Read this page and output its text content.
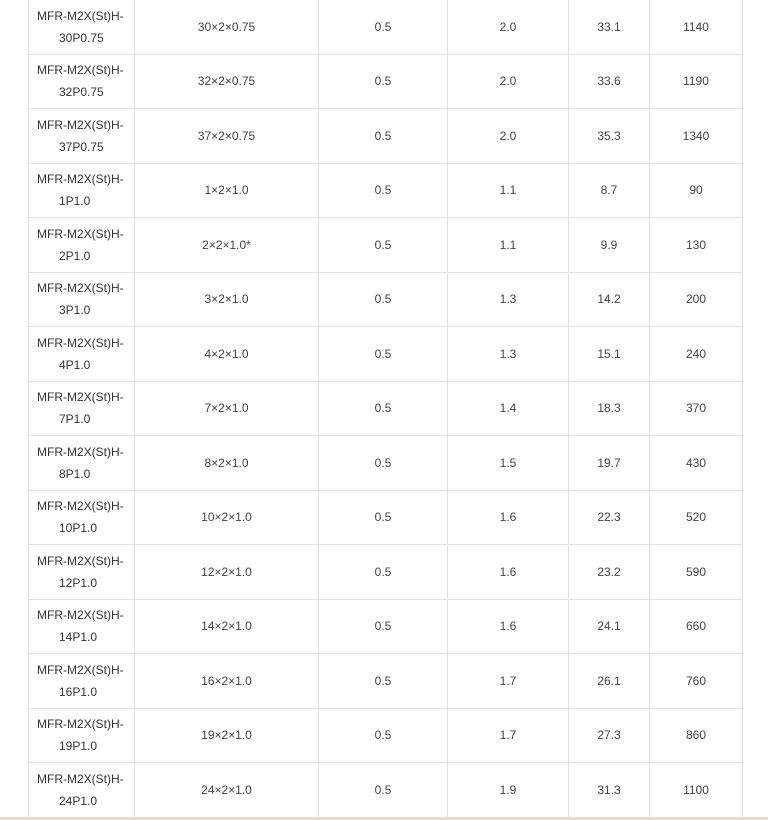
MFR-M2X(St)H-
30P0.75	30×2×0.75	0.5	2.0	33.1	1140

MFR-M2X(St)H-
32P0.75	32×2×0.75	0.5	2.0	33.6	1190

MFR-M2X(St)H-
37P0.75	37×2×0.75	0.5	2.0	35.3	1340

MFR-M2X(St)H-
1P1.0	1×2×1.0	0.5	1.1	8.7	90

MFR-M2X(St)H-
2P1.0	2×2×1.0*	0.5	1.1	9.9	130

MFR-M2X(St)H-
3P1.0	3×2×1.0	0.5	1.3	14.2	200

MFR-M2X(St)H-
4P1.0	4×2×1.0	0.5	1.3	15.1	240

MFR-M2X(St)H-
7P1.0	7×2×1.0	0.5	1.4	18.3	370

MFR-M2X(St)H-
8P1.0	8×2×1.0	0.5	1.5	19.7	430

MFR-M2X(St)H-
10P1.0	10×2×1.0	0.5	1.6	22.3	520

MFR-M2X(St)H-
12P1.0	12×2×1.0	0.5	1.6	23.2	590

MFR-M2X(St)H-
14P1.0	14×2×1.0	0.5	1.6	24.1	660

MFR-M2X(St)H-
16P1.0	16×2×1.0	0.5	1.7	26.1	760

MFR-M2X(St)H-
19P1.0	19×2×1.0	0.5	1.7	27.3	860

MFR-M2X(St)H-
24P1.0	24×2×1.0	0.5	1.9	31.3	1100
